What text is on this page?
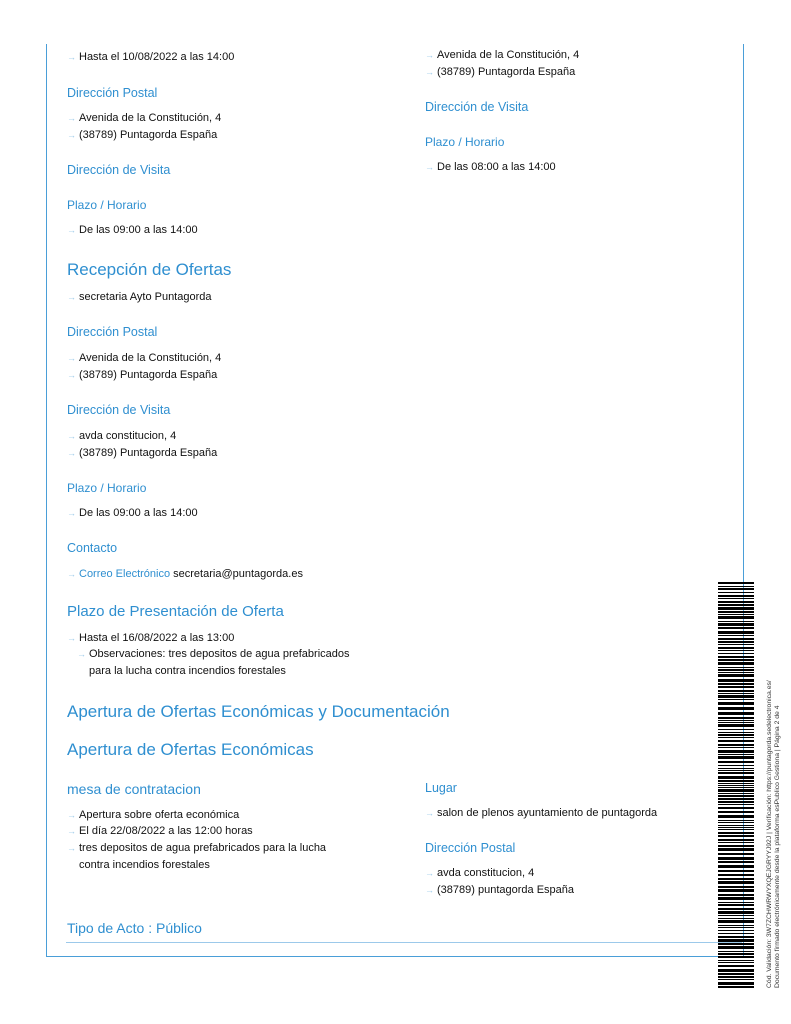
→ Avenida de la Constitución, 4
→ (38789) Puntagorda España
Dirección de Visita
Plazo / Horario
→ De las 08:00 a las 14:00
→ Hasta el 10/08/2022 a las 14:00
Dirección Postal
→ Avenida de la Constitución, 4
→ (38789) Puntagorda España
Dirección de Visita
Plazo / Horario
→ De las 09:00 a las 14:00
Recepción de Ofertas
→ secretaria Ayto Puntagorda
Dirección Postal
→ Avenida de la Constitución, 4
→ (38789) Puntagorda España
Dirección de Visita
→ avda constitucion, 4
→ (38789) Puntagorda España
Plazo / Horario
→ De las 09:00 a las 14:00
Contacto
→ Correo Electrónico secretaria@puntagorda.es
Plazo de Presentación de Oferta
→ Hasta el 16/08/2022 a las 13:00
→ Observaciones: tres depositos de agua prefabricados
para la lucha contra incendios forestales
Apertura de Ofertas Económicas y Documentación
Apertura de Ofertas Económicas
mesa de contratacion
→ Apertura sobre oferta económica
→ El día 22/08/2022 a las 12:00 horas
→ tres depositos de agua prefabricados para la lucha
contra incendios forestales
Lugar
→ salon de plenos ayuntamiento de puntagorda
Dirección Postal
→ avda constitucion, 4
→ (38789) puntagorda España
Tipo de Acto : Público	Cód. Validación: 3W7ZCHWRWYXQEJGRYYJ92J | Verificación: https://puntagorda.sedelectronica.es/ Documento firmado electrónicamente desde la plataforma esPublico Gestiona | Página 2 de 4
